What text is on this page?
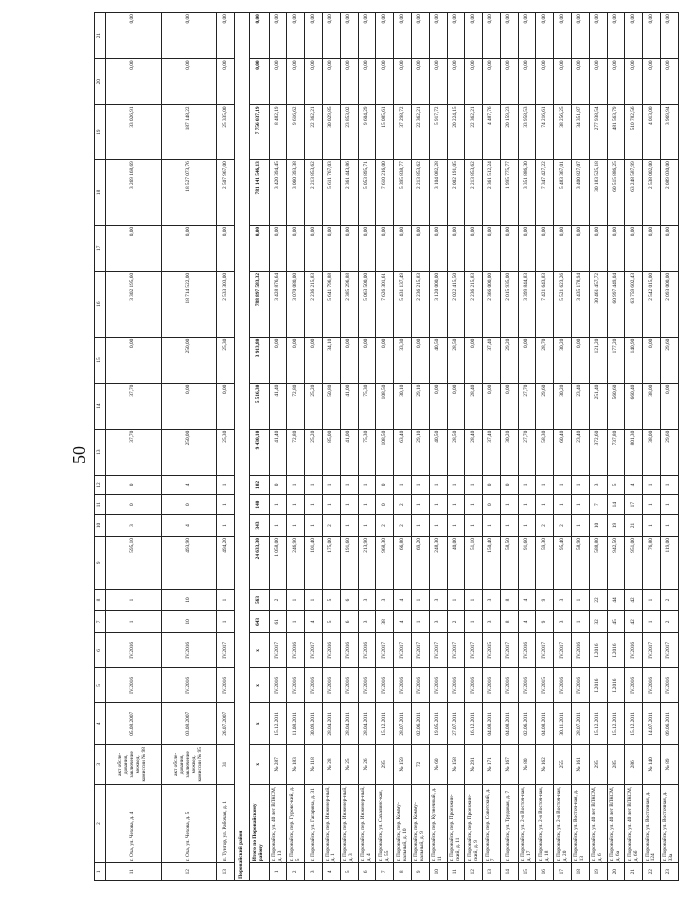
50
1	2	3	4	5	6	7	8	9	10	11	12	13	14	15	16	17	18	19	20	21
11	г. Оха, ул. Чехова, д. 4	акт обсле-дования, заключение межвед. комиссии № 98	05.08.2007	IV.2016	IV.2016	1	1	595,10	3	0	0	37,70	37,70	0,00	3 302 195,60	0,00	3 269 168,69	33 026,91	0,00	0,00
12	г. Оха, ул. Чехова, д. 5	акт обсле-дования, заключение межвед. комиссии № 95	03.08.2007	IV.2016	IV.2016	10	10	493,90	4	0	4	250,00	0,00	250,00	18 714 522,00	0,00	18 527 073,76	187 148,22	0,00	0,00
13	п. Тунгор, ул. Рабочая, д. 1	31	26.07.2007	IV.2016	IV.2017	1	1	494,20	1	1	1	25,30	0,00	25,30	2 533 303,00	0,00	2 507 967,00	25 335,00	0,00	0,00
Поронайский район																				
	Итого по Поронайскому району	x	x	x	x	643	563	24 633,30	343	140	102	9 430,10	5 516,30	3 913,80	788 897 583,32	0,00	781 141 546,13	7 756 037,19	0,00	0,00
1	г. Поронайск, ул. 40 лет ВЛКСМ, д. 13	№ 287	15.12.2011	IV.2016	IV.2017	61	2	1 058,00	1	1	0	41,40	41,40	0,00	3 428 876,64	0,00	3 420 394,45	8 482,19	0,00	0,00
2	г. Поронайск, пер. Гуровс-кий, д. 5	№ 183	11.08.2011	IV.2016	IV.2016	1	1	246,90	1	1	1	72,80	72,80	0,00	3 070 080,00	0,00	3 060 393,38	9 616,62	0,00	0,00
3	г. Поронайск, ул. Гагарина, д. 31	№ 118	30.09.2011	IV.2016	IV.2017	4	1	101,40	1	1	1	25,20	25,20	0,00	2 236 215,83	0,00	2 213 853,62	22 362,21	0,00	0,00
4	г. Поронайск, пер. Инженер-ный, д. 1	№ 28	28.04.2011	IV.2016	IV.2016	5	5	175,00	2	1	1	85,00	50,80	34,10	5 641 796,88	0,00	5 611 767,03	30 029,85	0,00	0,00
5	г. Поронайск, пер. Инженер-ный, д. 3	№ 25	28.04.2011	IV.2016	IV.2016	6	6	191,60	1	1	1	41,00	41,00	0,00	2 385 296,88	0,00	2 361 443,86	23 853,02	0,00	0,00
6	г. Поронайск, пер. Инженер-ный, д. 4	№ 26	28.04.2011	IV.2016	IV.2016	3	3	213,90	1	1	1	75,30	75,30	0,00	5 063 500,00	0,00	5 053 895,71	9 604,29	0,00	0,00
7	г. Поронайск, ул. Сахалинс-кая, д. 55	295	15.12.2011	IV.2016	IV.2017	38	3	968,30	2	0	0	108,50	108,50	0,00	7 626 301,61	0,00	7 610 216,00	15 085,61	0,00	0,00
8	г. Поронайск, пер. Комму-нальный, д. 10	№ 159	28.07.2011	IV.2016	IV.2017	4	4	66,80	2	2	1	63,40	30,10	33,30	5 431 137,49	0,00	5 395 838,77	37 298,72	0,00	0,00
9	г. Поронайск, пер. Комму-нальный, д. 9	72	02.06.2011	IV.2016	IV.2017	1	1	69,20	1	1	1	29,10	29,10	0,00	2 236 215,83	0,00	2 213 853,62	22 362,21	0,00	0,00
10	г. Поронайск, пер. Кузнечный, д. 11	№ 60	19.05.2011	IV.2016	IV.2017	3	3	248,30	1	1	1	40,50	0,00	40,50	3 120 000,00	0,00	3 104 082,28	5 917,72	0,00	0,00
11	г. Поронайск, пер. Проезжин-ский, д. 11	№ 158	27.07.2011	IV.2016	IV.2017	2	1	40,00	1	1	1	28,50	0,00	28,50	2 022 415,50	0,00	2 002 191,05	20 224,15	0,00	0,00
12	г. Поронайск, пер. Проезжин-ский, д. 9	№ 291	16.12.2011	IV.2016	IV.2017	1	1	51,10	1	1	1	28,40	28,40	0,00	2 236 215,83	0,00	2 213 853,62	22 362,21	0,00	0,00
13	г. Поронайск, пер. Советский, д. 7	№ 171	04.08.2011	IV.2016	IV.2015	3	3	150,40	1	0	0	37,40	0,00	37,40	2 366 000,00	0,00	2 361 512,24	4 487,76	0,00	0,00
14	г. Поронайск, ул. Трудовая, д. 7	№ 167	04.08.2011	IV.2016	IV.2017	8	8	58,50	1	1	0	30,20	0,00	29,20	2 015 935,00	0,00	1 995 775,77	20 159,23	0,00	0,00
15	г. Поронайск, ул. 2-я Восточ-ная, д. 17	№ 80	02.06.2011	IV.2016	IV.2016	4	4	91,60	1	1	1	27,70	27,70	0,00	3 399 844,83	0,00	3 351 886,30	33 958,53	0,00	0,00
16	г. Поронайск, ул. 2-я Восточ-ная, д. 18	№ 162	04.08.2011	IV.2015	IV.2017	9	9	59,30	2	1	1	58,30	29,60	28,70	7 421 643,83	0,00	7 347 427,22	74 216,61	0,00	0,00
17	г. Поронайск, ул. 2-я Восточ-ная, д. 20	255	30.11.2011	IV.2016	IV.2017	3	3	95,40	2	1	1	60,40	30,20	30,20	5 521 623,26	0,00	5 483 367,01	38 256,25	0,00	0,00
18	г. Поронайск, ул. Восточ-ная, д. 13	№ 161	28.07.2011	IV.2016	IV.2016	1	1	58,90	1	1	1	23,40	23,40	0,00	3 435 178,94	0,00	3 400 827,07	34 351,87	0,00	0,00
19	г. Поронайск, ул. 40 лет ВЛКСМ, д. 6	295	15.12.2011	I.2016	I.2016	32	22	588,80	10	7	3	372,60	251,40	121,20	30 461 457,72	0,00	30 183 525,18	277 938,54	0,00	0,00
20	г. Поронайск, ул. 40 лет ВЛКСМ, д. 6а	285	15.12.2011	I.2016	I.2016	45	44	942,50	19	14	5	737,80	560,60	177,20	60 997 449,04	0,00	60 515 886,25	481 563,79	0,00	0,00
21	г. Поронайск, ул. 40 лет ВЛКСМ, д. 6б	286	15.12.2011	IV.2016	IV.2016	42	42	951,00	21	17	4	801,30	660,40	140,90	63 759 602,43	0,00	63 248 587,99	510 782,56	0,00	0,00
22	г. Поронайск, ул. Восточная, д. 124	№ 140	14.07.2011	IV.2016	IV.2017	1	1	76,80	1	1	1	38,00	38,00	0,00	2 542 015,00	0,00	2 538 002,00	4 013,00	0,00	0,00
23	г. Поронайск, ул. Восточная, д. 33а	№ 89	09.06.2011	IV.2016	IV.2017	2	2	119,00	1	1	1	29,60	0,00	29,60	2 093 000,00	0,00	2 089 030,00	3 969,94	0,00	0,00
